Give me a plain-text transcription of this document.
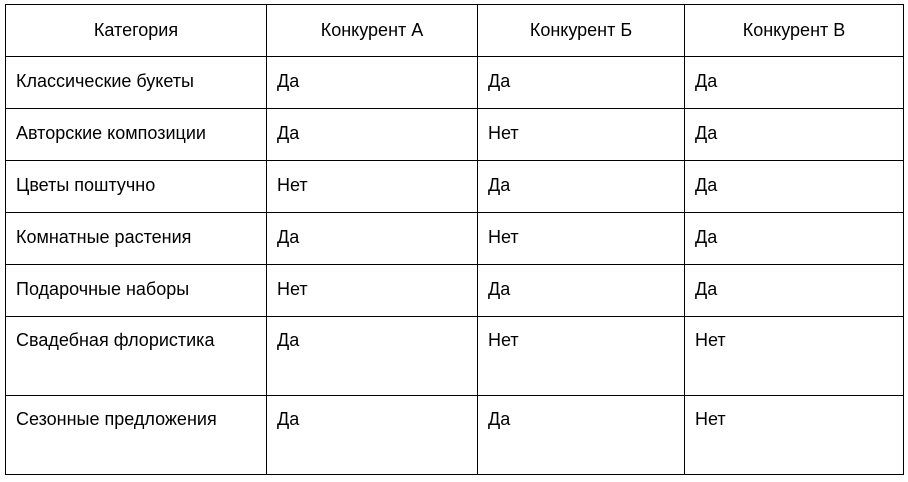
Категория	Конкурент А	Конкурент Б	Конкурент В
Классические букеты	Да	Да	Да
Авторские композиции	Да	Нет	Да
Цветы поштучно	Нет	Да	Да
Комнатные растения	Да	Нет	Да
Подарочные наборы	Нет	Да	Да
Свадебная флористика	Да	Нет	Нет
Сезонные предложения	Да	Да	Нет
